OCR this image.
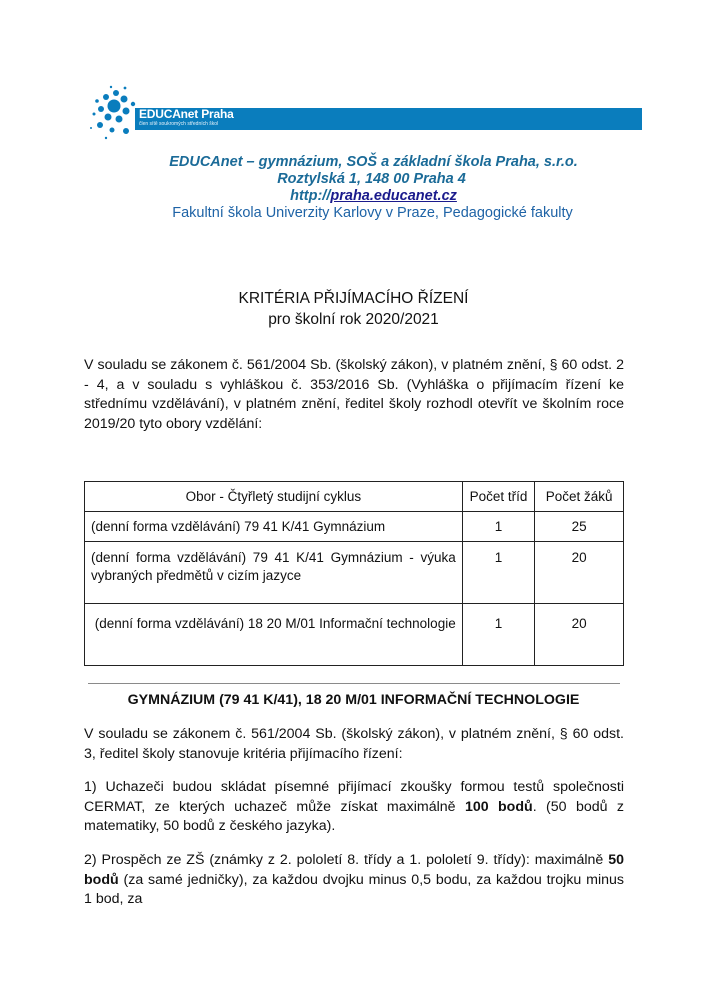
EDUCAnet Praha
člen sítě soukromých středních škol
EDUCAnet – gymnázium, SOŠ a základní škola Praha, s.r.o.
Roztylská 1, 148 00 Praha 4
http://praha.educanet.cz
Fakultní škola Univerzity Karlovy v Praze, Pedagogické fakulty
KRITÉRIA PŘIJÍMACÍHO ŘÍZENÍ
pro školní rok 2020/2021
V souladu se zákonem č. 561/2004 Sb. (školský zákon), v platném znění, § 60 odst. 2 - 4, a v souladu s vyhláškou č. 353/2016 Sb. (Vyhláška o přijímacím řízení ke střednímu vzdělávání), v platném znění, ředitel školy rozhodl otevřít ve školním roce 2019/20 tyto obory vzdělání:
Obor - Čtyřletý studijní cyklus	Počet tříd	Počet žáků
(denní forma vzdělávání) 79 41 K/41 Gymnázium	1	25
(denní forma vzdělávání) 79 41 K/41 Gymnázium - výuka vybraných předmětů v cizím jazyce	1	20
(denní forma vzdělávání) 18 20 M/01 Informační technologie	1	20
GYMNÁZIUM (79 41 K/41), 18 20 M/01 INFORMAČNÍ TECHNOLOGIE
V souladu se zákonem č. 561/2004 Sb. (školský zákon), v platném znění, § 60 odst. 3, ředitel školy stanovuje kritéria přijímacího řízení:
1) Uchazeči budou skládat písemné přijímací zkoušky formou testů společnosti CERMAT, ze kterých uchazeč může získat maximálně 100 bodů. (50 bodů z matematiky, 50 bodů z českého jazyka).
2) Prospěch ze ZŠ (známky z 2. pololetí 8. třídy a 1. pololetí 9. třídy): maximálně 50 bodů (za samé jedničky), za každou dvojku minus 0,5 bodu, za každou trojku minus 1 bod, za
